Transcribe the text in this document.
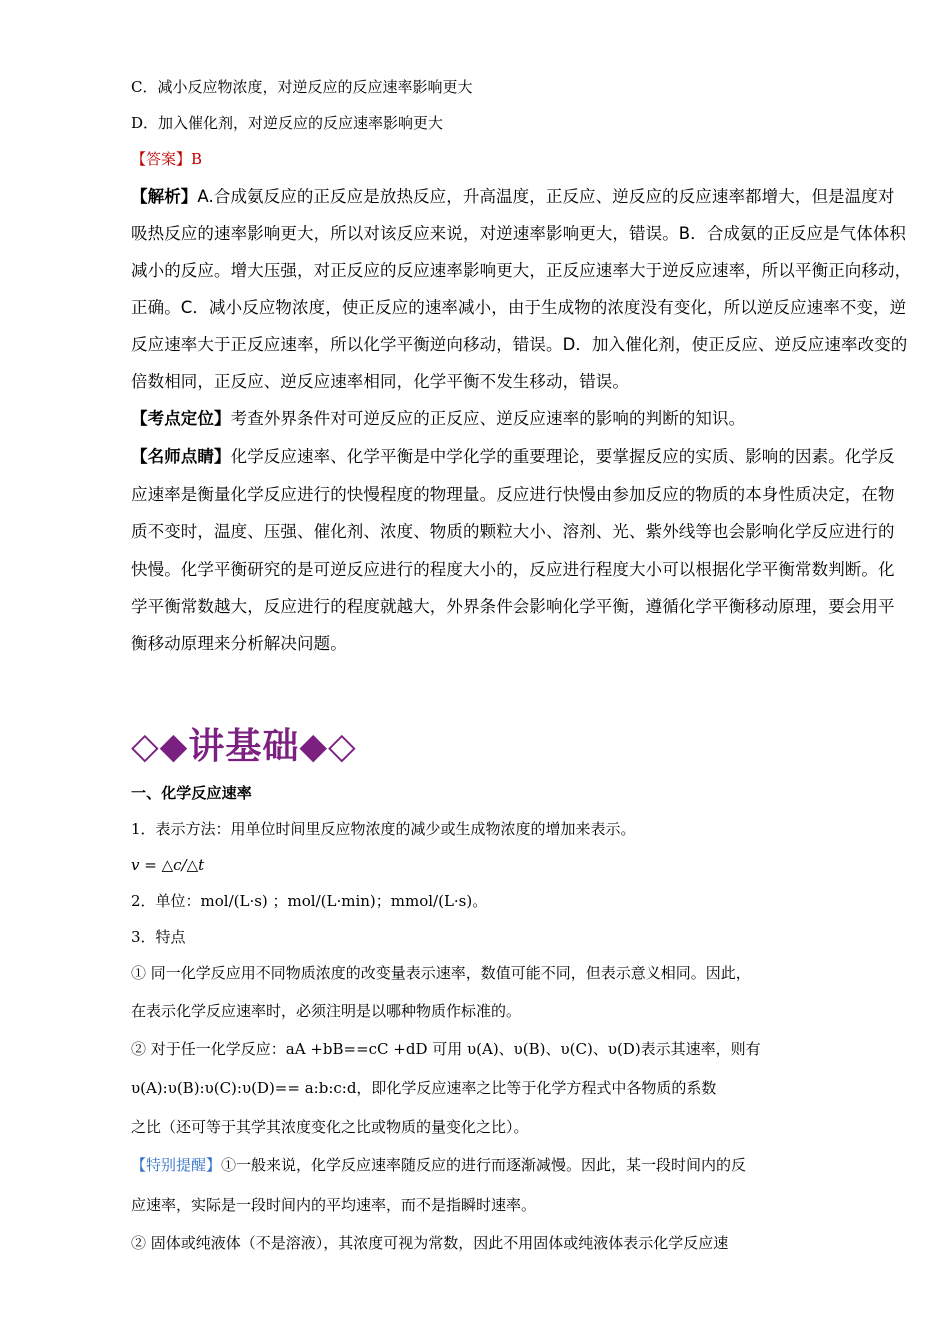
C．减小反应物浓度，对逆反应的反应速率影响更大
D．加入催化剂，对逆反应的反应速率影响更大
【答案】B
【解析】A.合成氨反应的正反应是放热反应，升高温度，正反应、逆反应的反应速率都增大，但是温度对
吸热反应的速率影响更大，所以对该反应来说，对逆速率影响更大，错误。B．合成氨的正反应是气体体积
减小的反应。增大压强，对正反应的反应速率影响更大，正反应速率大于逆反应速率，所以平衡正向移动，
正确。C．减小反应物浓度，使正反应的速率减小，由于生成物的浓度没有变化，所以逆反应速率不变，逆
反应速率大于正反应速率，所以化学平衡逆向移动，错误。D．加入催化剂，使正反应、逆反应速率改变的
倍数相同，正反应、逆反应速率相同，化学平衡不发生移动，错误。
【考点定位】考查外界条件对可逆反应的正反应、逆反应速率的影响的判断的知识。
【名师点睛】化学反应速率、化学平衡是中学化学的重要理论，要掌握反应的实质、影响的因素。化学反
应速率是衡量化学反应进行的快慢程度的物理量。反应进行快慢由参加反应的物质的本身性质决定，在物
质不变时，温度、压强、催化剂、浓度、物质的颗粒大小、溶剂、光、紫外线等也会影响化学反应进行的
快慢。化学平衡研究的是可逆反应进行的程度大小的，反应进行程度大小可以根据化学平衡常数判断。化
学平衡常数越大，反应进行的程度就越大，外界条件会影响化学平衡，遵循化学平衡移动原理，要会用平
衡移动原理来分析解决问题。
◇◆讲基础◆◇
一、化学反应速率
1．表示方法：用单位时间里反应物浓度的减少或生成物浓度的增加来表示。
v = △c/△t
2．单位：mol/(L·s) ；mol/(L·min)；mmol/(L·s)。
3．特点
① 同一化学反应用不同物质浓度的改变量表示速率，数值可能不同，但表示意义相同。因此，
在表示化学反应速率时，必须注明是以哪种物质作标准的。
② 对于任一化学反应：aA +bB==cC +dD 可用 υ(A)、υ(B)、υ(C)、υ(D)表示其速率，则有
υ(A):υ(B):υ(C):υ(D)== a:b:c:d，即化学反应速率之比等于化学方程式中各物质的系数
之比（还可等于其学其浓度变化之比或物质的量变化之比）。
【特别提醒】①一般来说，化学反应速率随反应的进行而逐渐减慢。因此，某一段时间内的反
应速率，实际是一段时间内的平均速率，而不是指瞬时速率。
② 固体或纯液体（不是溶液），其浓度可视为常数，因此不用固体或纯液体表示化学反应速
